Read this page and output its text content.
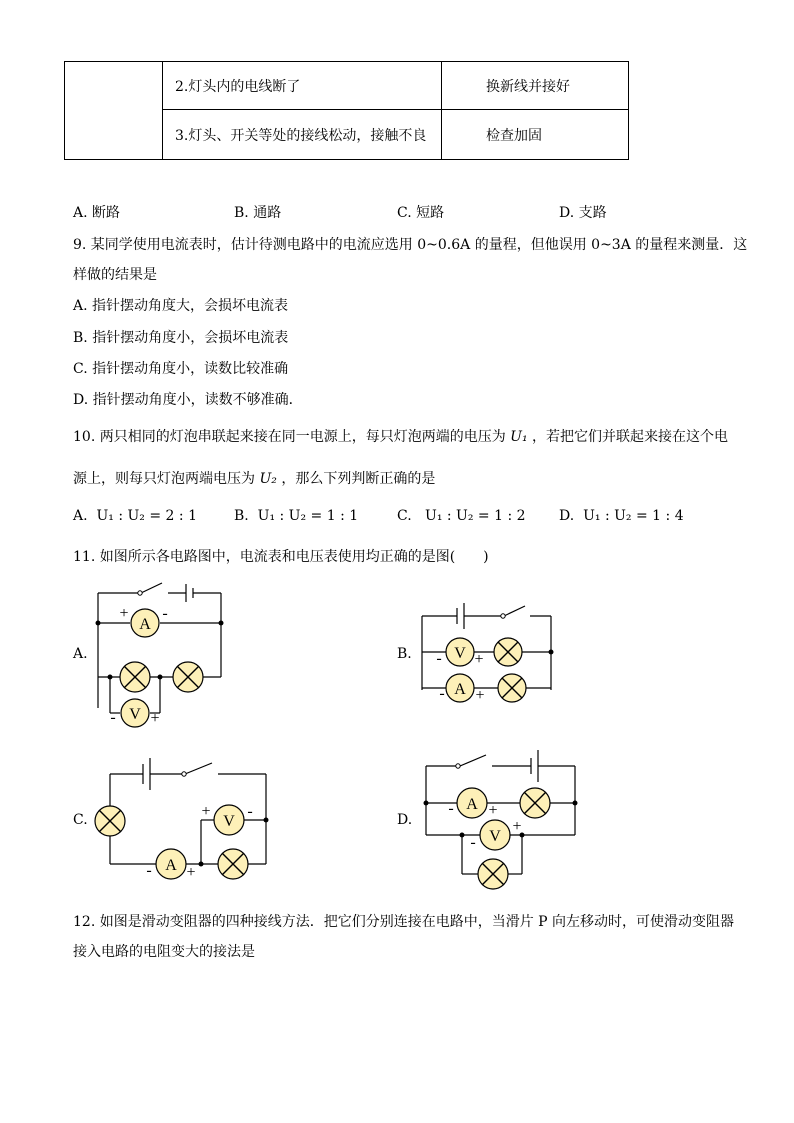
	2.灯头内的电线断了	换新线并接好
	3.灯头、开关等处的接线松动，接触不良	检查加固
A. 断路	B. 通路	C. 短路	D. 支路
9. 某同学使用电流表时，估计待测电路中的电流应选用 0~0.6A 的量程，但他误用 0~3A 的量程来测量．这
样做的结果是
A. 指针摆动角度大，会损坏电流表
B. 指针摆动角度小，会损坏电流表
C. 指针摆动角度小，读数比较准确
D. 指针摆动角度小，读数不够准确．
10. 两只相同的灯泡串联起来接在同一电源上，每只灯泡两端的电压为 U₁ ，若把它们并联起来接在这个电
源上，则每只灯泡两端电压为 U₂ ，那么下列判断正确的是
A. U₁ : U₂ = 2 : 1	B. U₁ : U₂ = 1 : 1	C. U₁ : U₂ = 1 : 2 D. U₁ : U₂ = 1 : 4
11. 如图所示各电路图中，电流表和电压表使用均正确的是图(　　)
A.	B.
C.	D.
A
+ -
V
- +
V
- +
A
- +
V
+ -
A
- +
A
- +
V
-
+
12. 如图是滑动变阻器的四种接线方法．把它们分别连接在电路中，当滑片 P 向左移动时，可使滑动变阻器
接入电路的电阻变大的接法是
